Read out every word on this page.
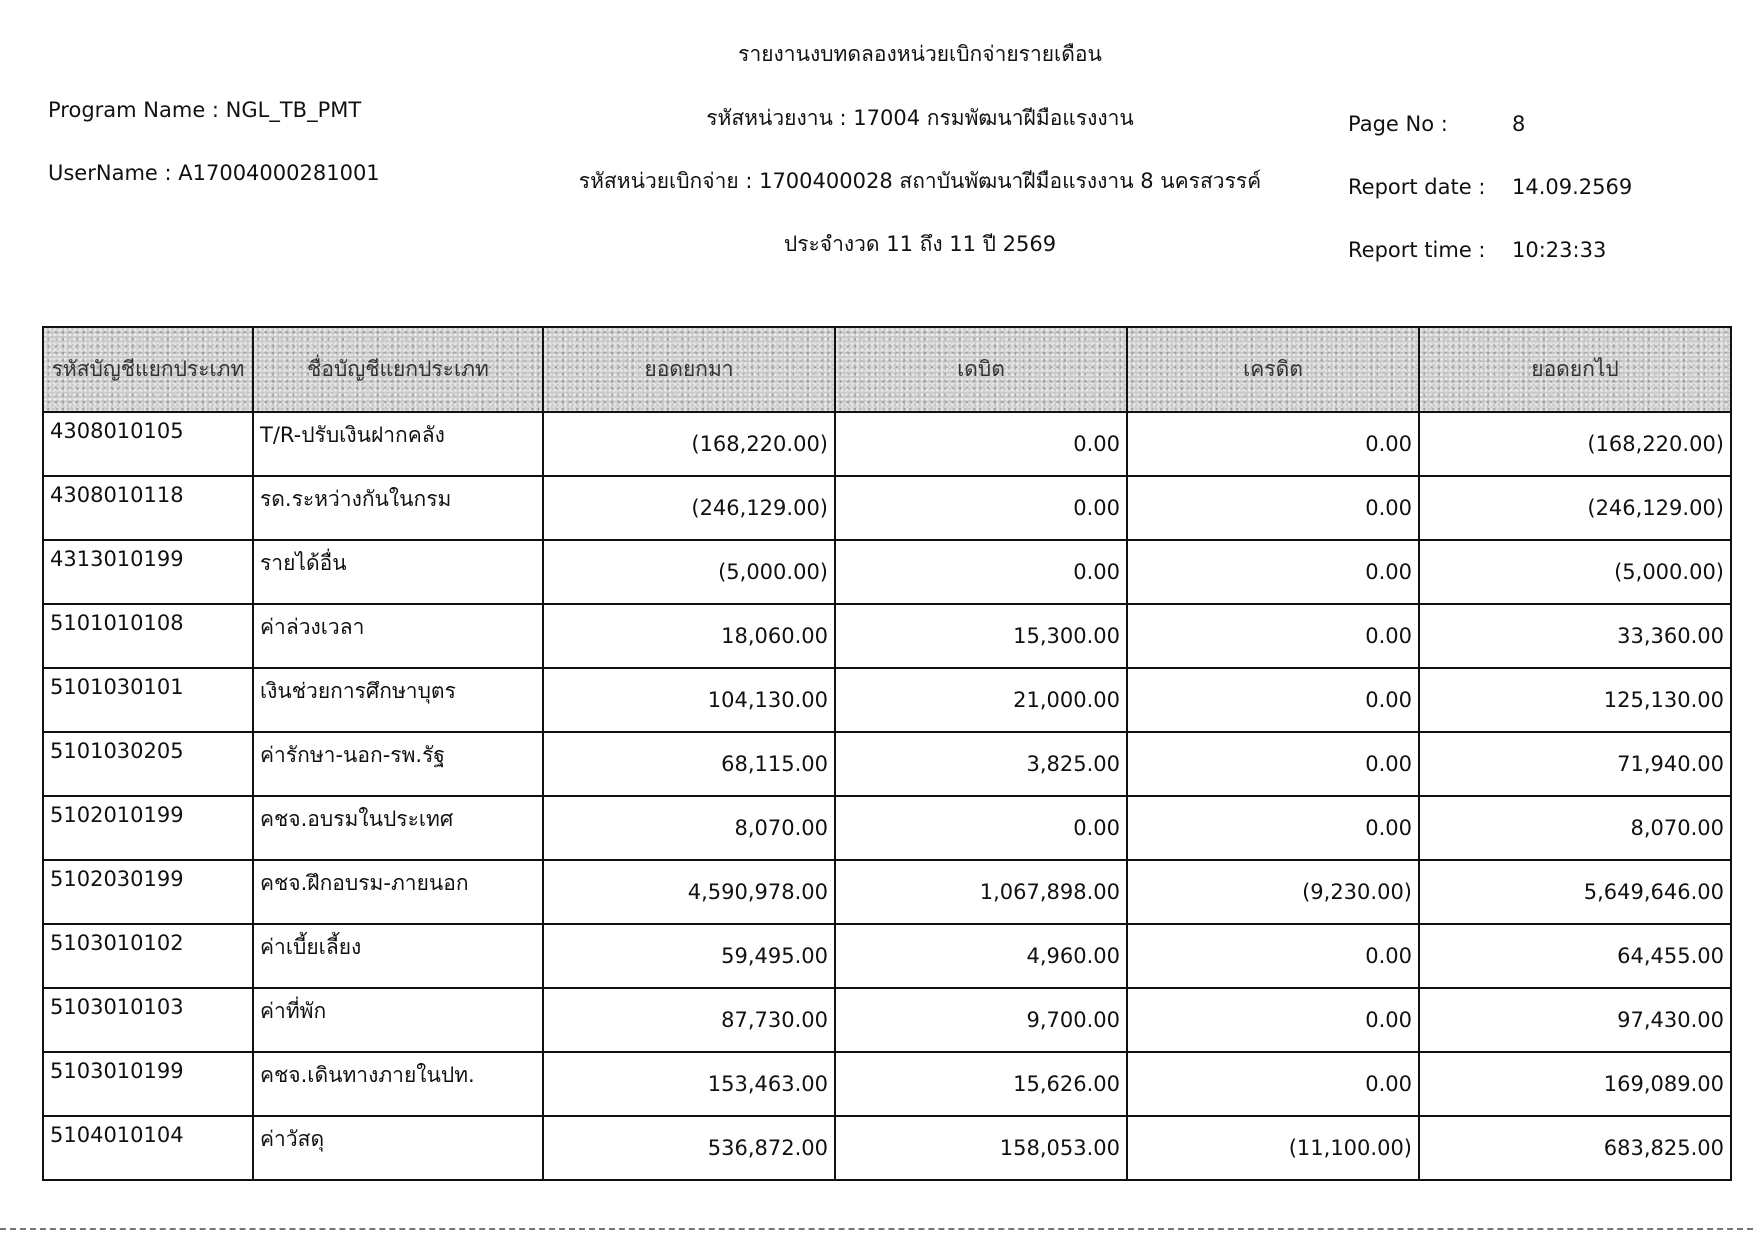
รายงานงบทดลองหน่วยเบิกจ่ายรายเดือน
Program Name : NGL_TB_PMT
UserName : A17004000281001
รหัสหน่วยงาน : 17004 กรมพัฒนาฝีมือแรงงาน
รหัสหน่วยเบิกจ่าย : 1700400028 สถาบันพัฒนาฝีมือแรงงาน 8 นครสวรรค์
ประจำงวด 11 ถึง 11 ปี 2569
Page No :	8
Report date : 14.09.2569
Report time : 10:23:33
รหัสบัญชีแยกประเภท	ชื่อบัญชีแยกประเภท	ยอดยกมา	เดบิต	เครดิต	ยอดยกไป
4308010105	T/R-ปรับเงินฝากคลัง	(168,220.00)	0.00	0.00	(168,220.00)
4308010118	รด.ระหว่างกันในกรม	(246,129.00)	0.00	0.00	(246,129.00)
4313010199	รายได้อื่น	(5,000.00)	0.00	0.00	(5,000.00)
5101010108	ค่าล่วงเวลา	18,060.00	15,300.00	0.00	33,360.00
5101030101	เงินช่วยการศึกษาบุตร	104,130.00	21,000.00	0.00	125,130.00
5101030205	ค่ารักษา-นอก-รพ.รัฐ	68,115.00	3,825.00	0.00	71,940.00
5102010199	คชจ.อบรมในประเทศ	8,070.00	0.00	0.00	8,070.00
5102030199	คชจ.ฝึกอบรม-ภายนอก	4,590,978.00	1,067,898.00	(9,230.00)	5,649,646.00
5103010102	ค่าเบี้ยเลี้ยง	59,495.00	4,960.00	0.00	64,455.00
5103010103	ค่าที่พัก	87,730.00	9,700.00	0.00	97,430.00
5103010199	คชจ.เดินทางภายในปท.	153,463.00	15,626.00	0.00	169,089.00
5104010104	ค่าวัสดุ	536,872.00	158,053.00	(11,100.00)	683,825.00
